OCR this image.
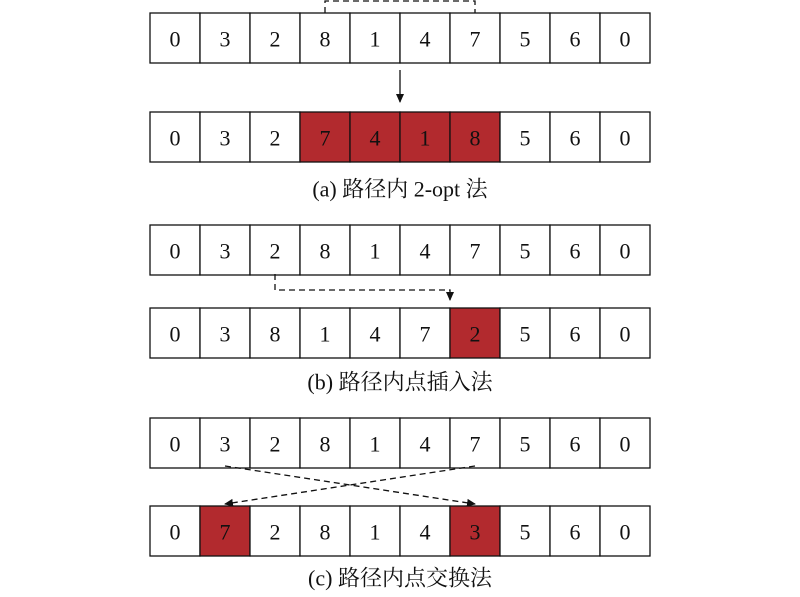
0 3 2 8 1 4 7 5 6 0
0 3 2 7 4 1 8 5 6 0
(a) 路径内 2-opt 法
0 3 2 8 1 4 7 5 6 0
0 3 8 1 4 7 2 5 6 0
(b) 路径内点插入法
0 3 2 8 1 4 7 5 6 0
0 7 2 8 1 4 3 5 6 0
(c) 路径内点交换法
